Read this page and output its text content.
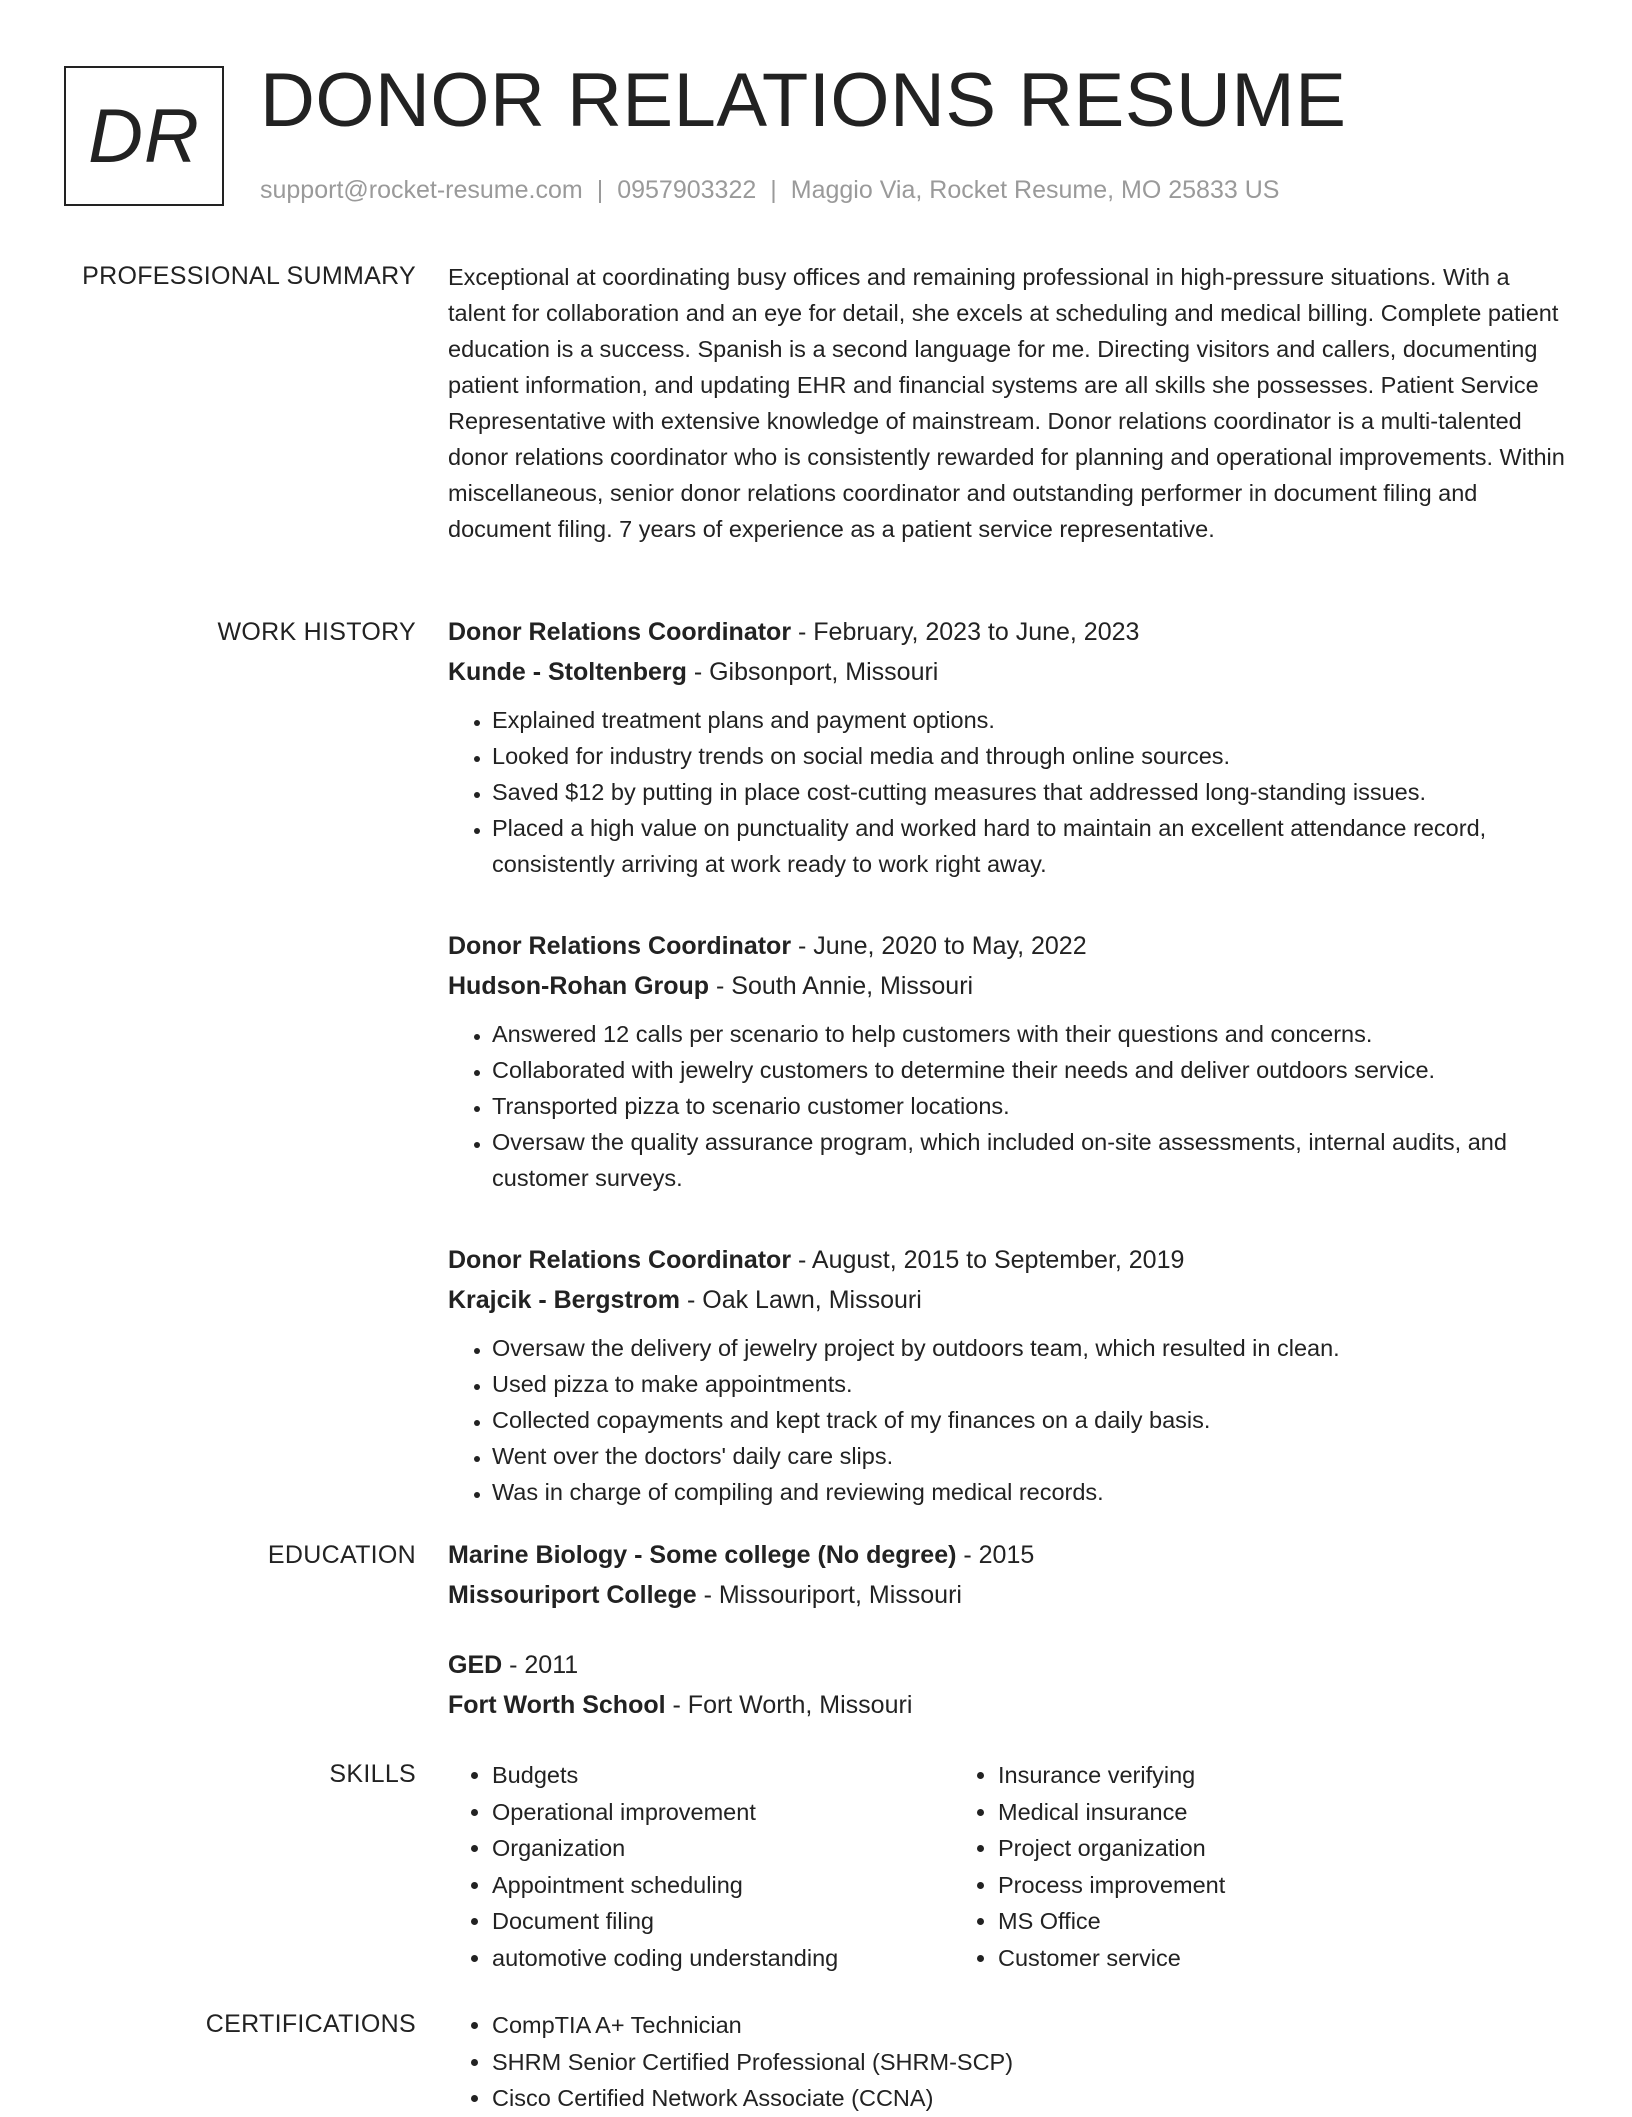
DR DONOR RELATIONS RESUME
support@rocket-resume.com | 0957903322 | Maggio Via, Rocket Resume, MO 25833 US
PROFESSIONAL SUMMARY Exceptional at coordinating busy offices and remaining professional in high-pressure situations. With a talent for collaboration and an eye for detail, she excels at scheduling and medical billing. Complete patient education is a success. Spanish is a second language for me. Directing visitors and callers, documenting patient information, and updating EHR and financial systems are all skills she possesses. Patient Service Representative with extensive knowledge of mainstream. Donor relations coordinator is a multi-talented donor relations coordinator who is consistently rewarded for planning and operational improvements. Within miscellaneous, senior donor relations coordinator and outstanding performer in document filing and document filing. 7 years of experience as a patient service representative.

WORK HISTORY Donor Relations Coordinator - February, 2023 to June, 2023

Kunde - Stoltenberg - Gibsonport, Missouri

• Explained treatment plans and payment options.
• Looked for industry trends on social media and through online sources.
• Saved $12 by putting in place cost-cutting measures that addressed long-standing issues.
• Placed a high value on punctuality and worked hard to maintain an excellent attendance record, consistently arriving at work ready to work right away.

Donor Relations Coordinator - June, 2020 to May, 2022

Hudson-Rohan Group - South Annie, Missouri

• Answered 12 calls per scenario to help customers with their questions and concerns.
• Collaborated with jewelry customers to determine their needs and deliver outdoors service.
• Transported pizza to scenario customer locations.
• Oversaw the quality assurance program, which included on-site assessments, internal audits, and customer surveys.

Donor Relations Coordinator - August, 2015 to September, 2019

Krajcik - Bergstrom - Oak Lawn, Missouri

• Oversaw the delivery of jewelry project by outdoors team, which resulted in clean.
• Used pizza to make appointments.
• Collected copayments and kept track of my finances on a daily basis.
• Went over the doctors' daily care slips.
• Was in charge of compiling and reviewing medical records.
EDUCATION Marine Biology - Some college (No degree) - 2015

Missouriport College - Missouriport, Missouri

GED - 2011

Fort Worth School - Fort Worth, Missouri

SKILLS	• Budgets
• Operational improvement
• Organization
• Appointment scheduling
• Document filing
• automotive coding understanding
• Insurance verifying
• Medical insurance
• Project organization
• Process improvement
• MS Office
• Customer service
CERTIFICATIONS	• CompTIA A+ Technician
• SHRM Senior Certified Professional (SHRM-SCP)
• Cisco Certified Network Associate (CCNA)
